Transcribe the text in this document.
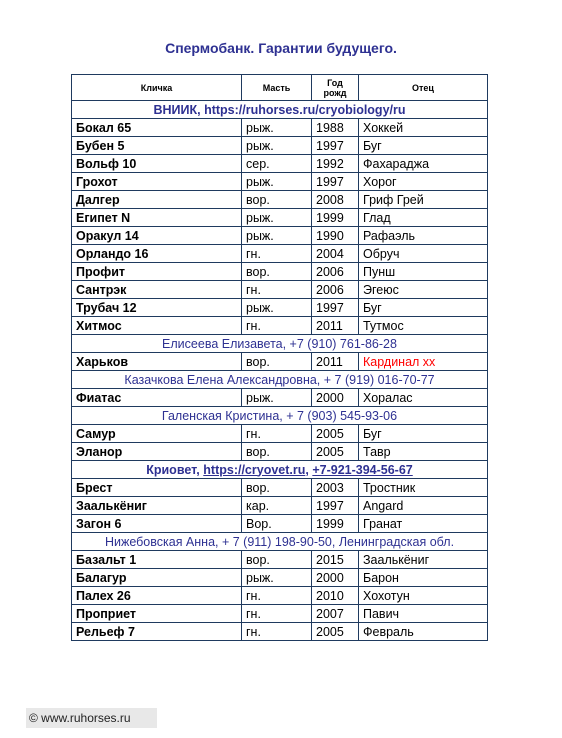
Спермобанк. Гарантии будущего.
Кличка	Масть	Год рожд	Отец
ВНИИК, https://ruhorses.ru/cryobiology/ru			
Бокал 65	рыж.	1988	Хоккей
Бубен 5	рыж.	1997	Буг
Вольф 10	сер.	1992	Фахараджа
Грохот	рыж.	1997	Хорог
Далгер	вор.	2008	Гриф Грей
Египет N	рыж.	1999	Глад
Оракул 14	рыж.	1990	Рафаэль
Орландо 16	гн.	2004	Обруч
Профит	вор.	2006	Пунш
Сантрэк	гн.	2006	Эгеюс
Трубач 12	рыж.	1997	Буг
Хитмос	гн.	2011	Тутмос
Елисеева Елизавета, +7 (910) 761-86-28			
Харьков	вор.	2011	Кардинал хх
Казачкова Елена Александровна, + 7 (919) 016-70-77			
Фиатас	рыж.	2000	Хоралас
Галенская Кристина, + 7 (903) 545-93-06			
Самур	гн.	2005	Буг
Эланор	вор.	2005	Тавр
Криовет, https://cryovet.ru, +7-921-394-56-67			
Брест	вор.	2003	Тростник
Заалькёниг	кар.	1997	Angard
Загон 6	Вор.	1999	Гранат
Нижебовская Анна, + 7 (911) 198-90-50, Ленинградская обл.			
Базальт 1	вор.	2015	Заалькёниг
Балагур	рыж.	2000	Барон
Палех 26	гн.	2010	Хохотун
Проприет	гн.	2007	Павич
Рельеф 7	гн.	2005	Февраль
© www.ruhorses.ru
